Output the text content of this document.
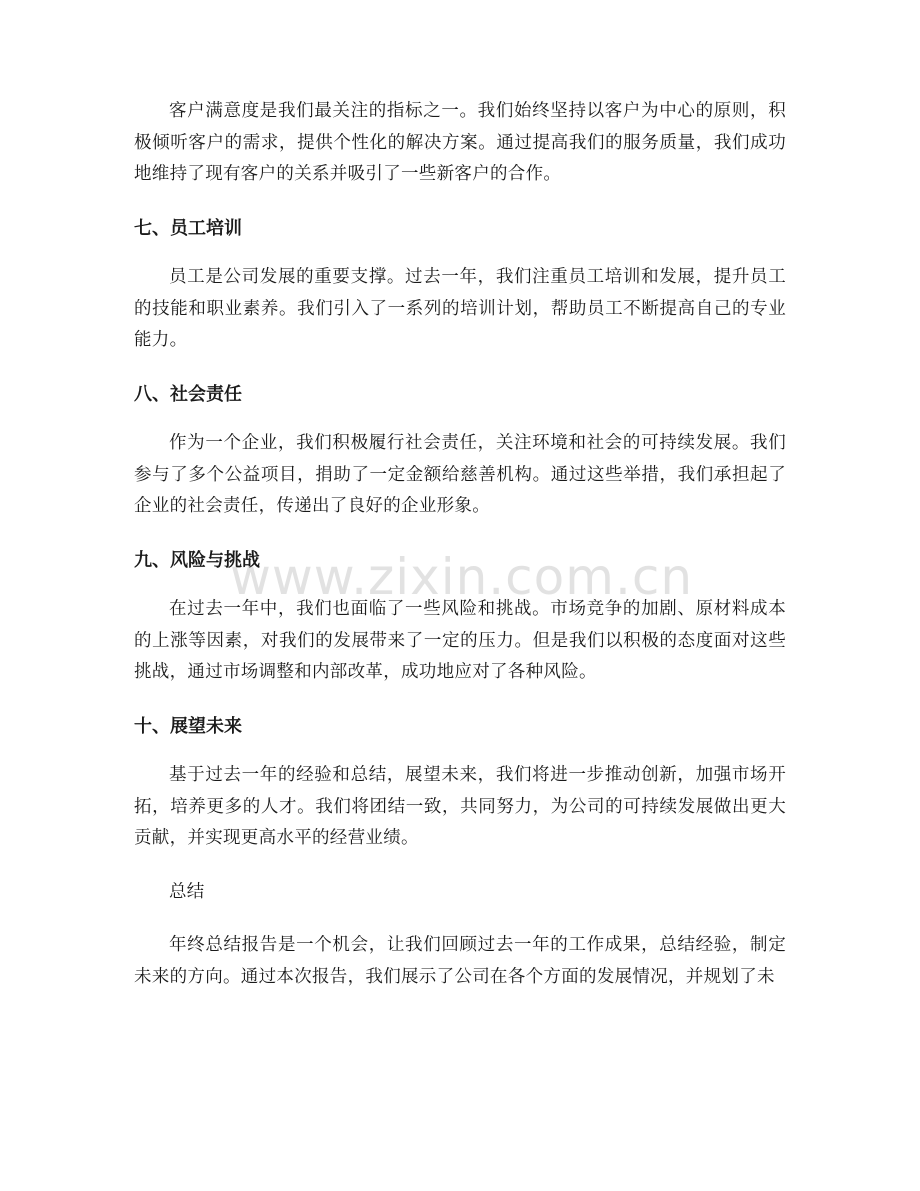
客户满意度是我们最关注的指标之一。我们始终坚持以客户为中心的原则，积极倾听客户的需求，提供个性化的解决方案。通过提高我们的服务质量，我们成功地维持了现有客户的关系并吸引了一些新客户的合作。

七、员工培训

员工是公司发展的重要支撑。过去一年，我们注重员工培训和发展，提升员工的技能和职业素养。我们引入了一系列的培训计划，帮助员工不断提高自己的专业能力。

八、社会责任

作为一个企业，我们积极履行社会责任，关注环境和社会的可持续发展。我们参与了多个公益项目，捐助了一定金额给慈善机构。通过这些举措，我们承担起了企业的社会责任，传递出了良好的企业形象。

九、风险与挑战

在过去一年中，我们也面临了一些风险和挑战。市场竞争的加剧、原材料成本的上涨等因素，对我们的发展带来了一定的压力。但是我们以积极的态度面对这些挑战，通过市场调整和内部改革，成功地应对了各种风险。

十、展望未来

基于过去一年的经验和总结，展望未来，我们将进一步推动创新，加强市场开拓，培养更多的人才。我们将团结一致，共同努力，为公司的可持续发展做出更大贡献，并实现更高水平的经营业绩。

总结

年终总结报告是一个机会，让我们回顾过去一年的工作成果，总结经验，制定未来的方向。通过本次报告，我们展示了公司在各个方面的发展情况，并规划了未

www.zixin.com.cn
